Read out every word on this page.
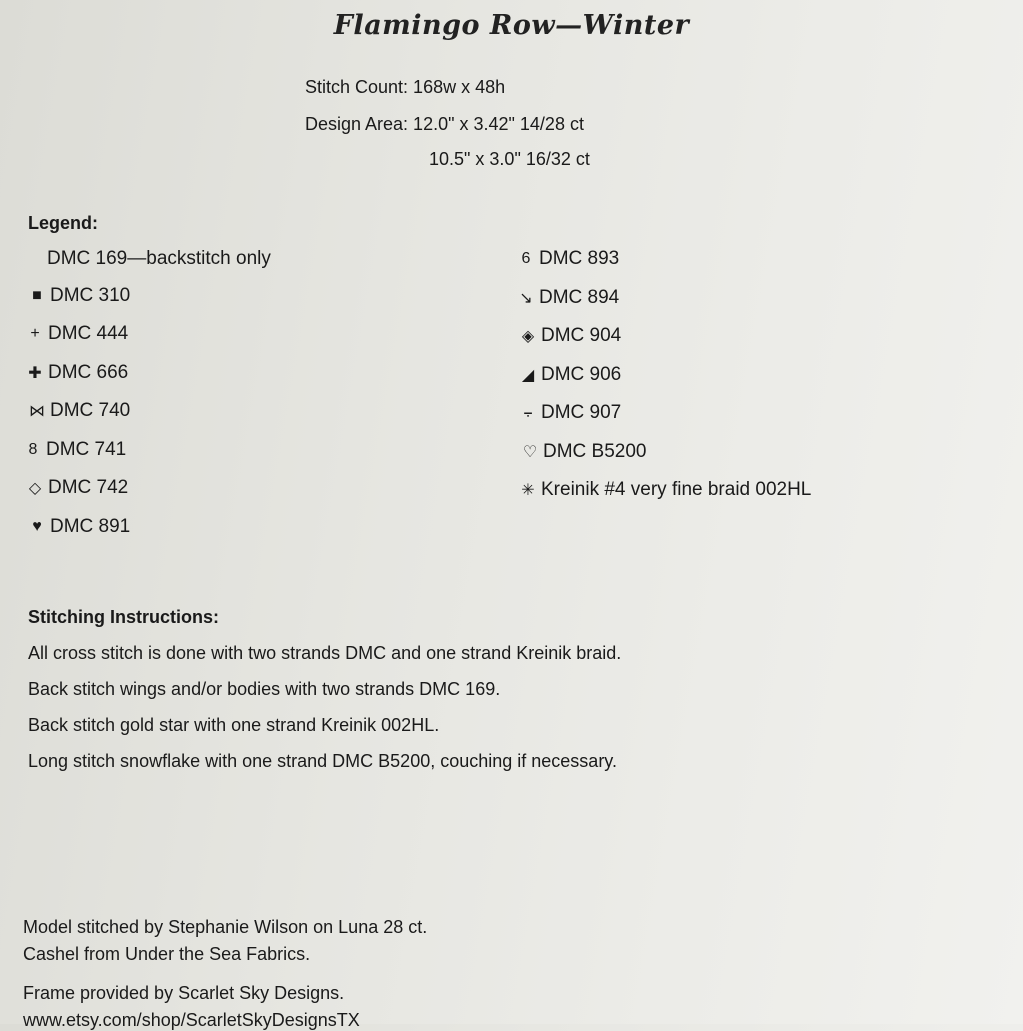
Flamingo Row—Winter
Stitch Count: 168w x 48h
Design Area: 12.0" x 3.42" 14/28 ct
10.5" x 3.0" 16/32 ct
Legend:
DMC 169—backstitch only
■ DMC 310
+ DMC 444
✚ DMC 666
⋈ DMC 740
8 DMC 741
◇ DMC 742
♥ DMC 891
6 DMC 893
↘ DMC 894
◈ DMC 904
◢ DMC 906
⨪ DMC 907
♡ DMC B5200
✳ Kreinik #4 very fine braid 002HL
Stitching Instructions:
All cross stitch is done with two strands DMC and one strand Kreinik braid.
Back stitch wings and/or bodies with two strands DMC 169.
Back stitch gold star with one strand Kreinik 002HL.
Long stitch snowflake with one strand DMC B5200, couching if necessary.
Model stitched by Stephanie Wilson on Luna 28 ct.
Cashel from Under the Sea Fabrics.
Frame provided by Scarlet Sky Designs.
www.etsy.com/shop/ScarletSkyDesignsTX
